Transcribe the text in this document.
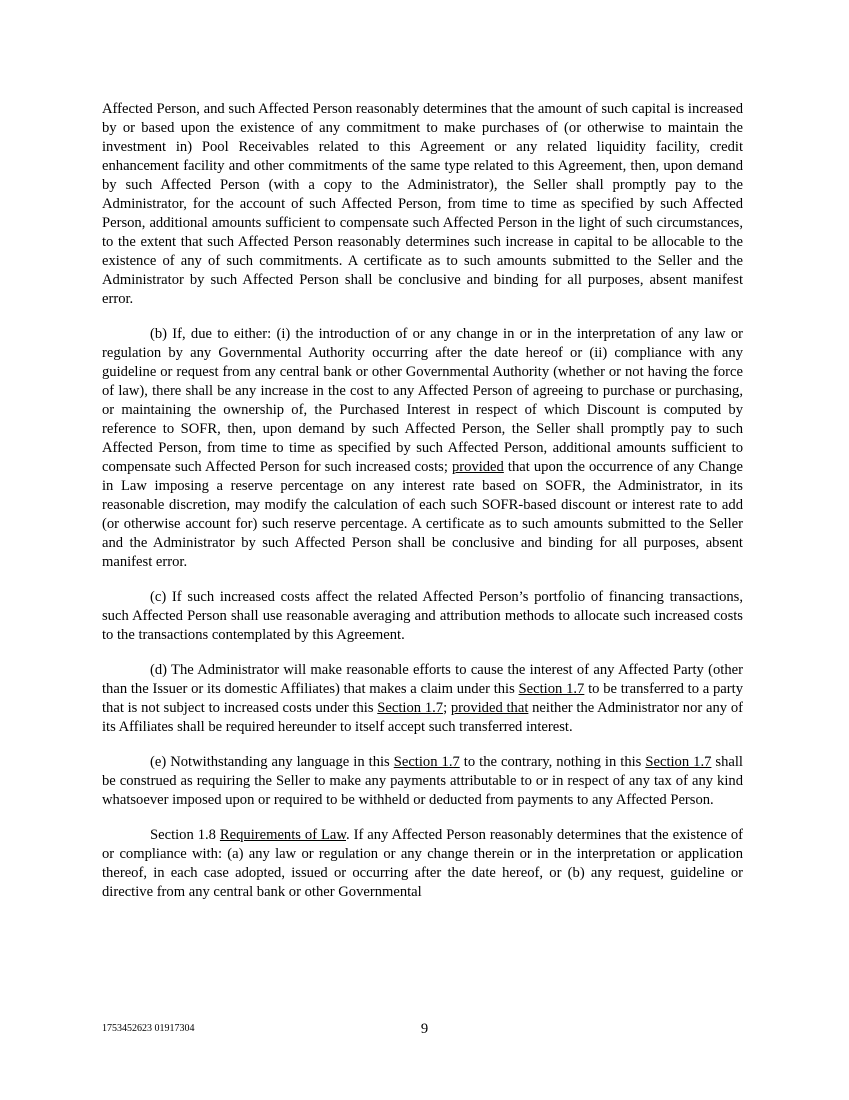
Affected Person, and such Affected Person reasonably determines that the amount of such capital is increased by or based upon the existence of any commitment to make purchases of (or otherwise to maintain the investment in) Pool Receivables related to this Agreement or any related liquidity facility, credit enhancement facility and other commitments of the same type related to this Agreement, then, upon demand by such Affected Person (with a copy to the Administrator), the Seller shall promptly pay to the Administrator, for the account of such Affected Person, from time to time as specified by such Affected Person, additional amounts sufficient to compensate such Affected Person in the light of such circumstances, to the extent that such Affected Person reasonably determines such increase in capital to be allocable to the existence of any of such commitments. A certificate as to such amounts submitted to the Seller and the Administrator by such Affected Person shall be conclusive and binding for all purposes, absent manifest error.

(b) If, due to either: (i) the introduction of or any change in or in the interpretation of any law or regulation by any Governmental Authority occurring after the date hereof or (ii) compliance with any guideline or request from any central bank or other Governmental Authority (whether or not having the force of law), there shall be any increase in the cost to any Affected Person of agreeing to purchase or purchasing, or maintaining the ownership of, the Purchased Interest in respect of which Discount is computed by reference to SOFR, then, upon demand by such Affected Person, the Seller shall promptly pay to such Affected Person, from time to time as specified by such Affected Person, additional amounts sufficient to compensate such Affected Person for such increased costs; provided that upon the occurrence of any Change in Law imposing a reserve percentage on any interest rate based on SOFR, the Administrator, in its reasonable discretion, may modify the calculation of each such SOFR-based discount or interest rate to add (or otherwise account for) such reserve percentage. A certificate as to such amounts submitted to the Seller and the Administrator by such Affected Person shall be conclusive and binding for all purposes, absent manifest error.

(c) If such increased costs affect the related Affected Person’s portfolio of financing transactions, such Affected Person shall use reasonable averaging and attribution methods to allocate such increased costs to the transactions contemplated by this Agreement.

(d) The Administrator will make reasonable efforts to cause the interest of any Affected Party (other than the Issuer or its domestic Affiliates) that makes a claim under this Section 1.7 to be transferred to a party that is not subject to increased costs under this Section 1.7; provided that neither the Administrator nor any of its Affiliates shall be required hereunder to itself accept such transferred interest.

(e) Notwithstanding any language in this Section 1.7 to the contrary, nothing in this Section 1.7 shall be construed as requiring the Seller to make any payments attributable to or in respect of any tax of any kind whatsoever imposed upon or required to be withheld or deducted from payments to any Affected Person.

Section 1.8 Requirements of Law. If any Affected Person reasonably determines that the existence of or compliance with: (a) any law or regulation or any change therein or in the interpretation or application thereof, in each case adopted, issued or occurring after the date hereof, or (b) any request, guideline or directive from any central bank or other Governmental

1753452623 01917304	9
